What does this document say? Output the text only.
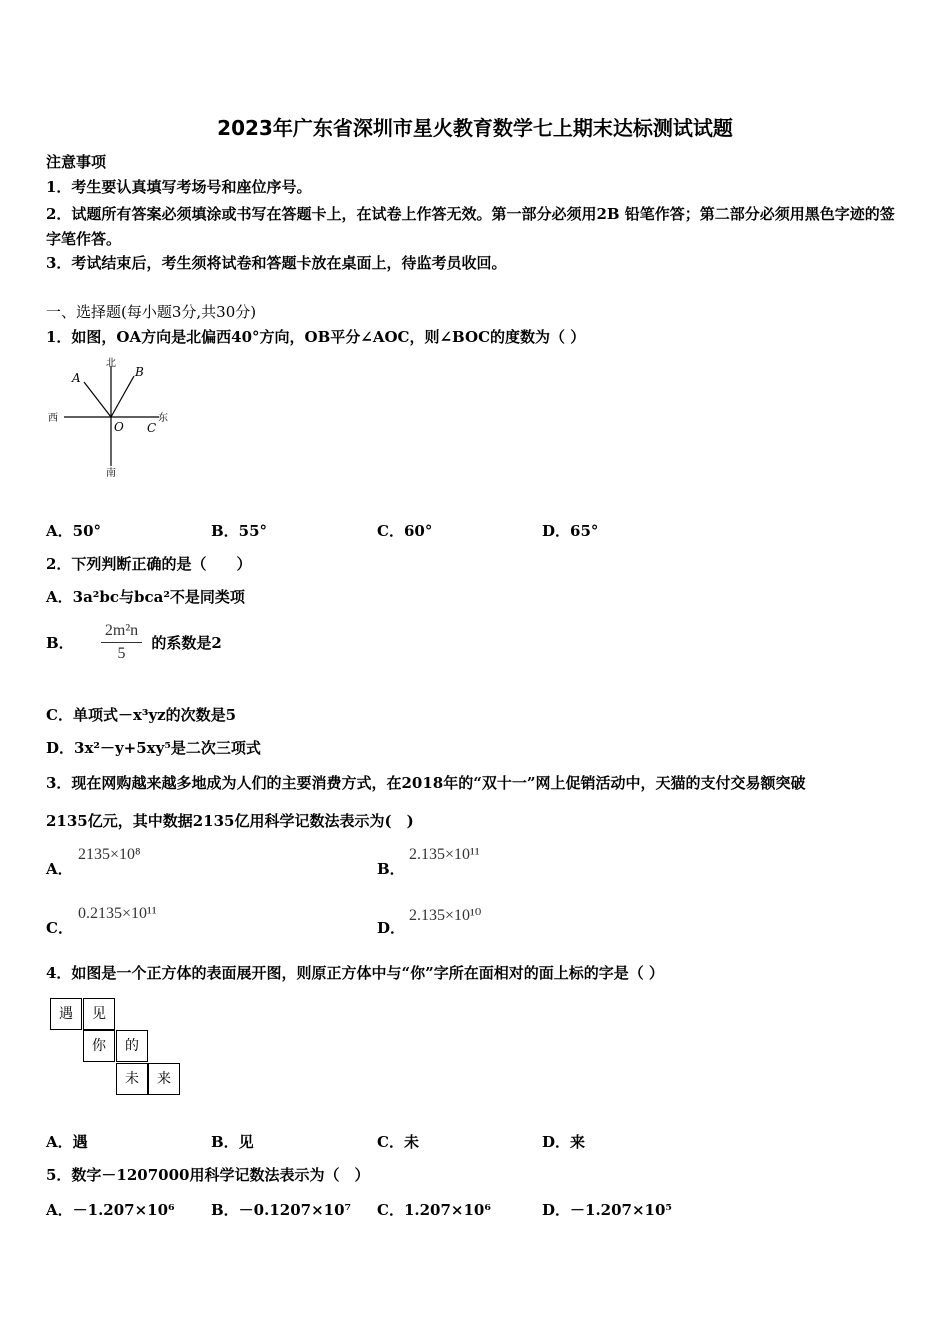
2023年广东省深圳市星火教育数学七上期末达标测试试题
注意事项
1．考生要认真填写考场号和座位序号。
2．试题所有答案必须填涂或书写在答题卡上，在试卷上作答无效。第一部分必须用2B 铅笔作答；第二部分必须用黑色字迹的签字笔作答。
3．考试结束后，考生须将试卷和答题卡放在桌面上，待监考员收回。
一、选择题(每小题3分,共30分)
1．如图，OA方向是北偏西40°方向，OB平分∠AOC，则∠BOC的度数为（ ）
北
南
西	东
A	B
O C
A．50°	B．55°	C．60°	D．65°
2．下列判断正确的是（　　）
A．3a²bc与bca²不是同类项
B． $\frac{\text{2m²n}}{5}$ 的系数是2
C．单项式－x³yz的次数是5
D．3x²－y+5xy⁵是二次三项式
3．现在网购越来越多地成为人们的主要消费方式，在2018年的“双十一”网上促销活动中，天猫的支付交易额突破
2135亿元，其中数据2135亿用科学记数法表示为(　)
A．
2135×10⁸
B．
2.135×10¹¹
C．
0.2135×10¹¹
D．
2.135×10¹⁰
4．如图是一个正方体的表面展开图，则原正方体中与“你”字所在面相对的面上标的字是（ ）
遇	见
你	的
未	来
A．遇	B．见	C．未	D．来
5．数字－1207000用科学记数法表示为（　）
A．－1.207×10⁶ B．－0.1207×10⁷ C．1.207×10⁶	D．－1.207×10⁵
